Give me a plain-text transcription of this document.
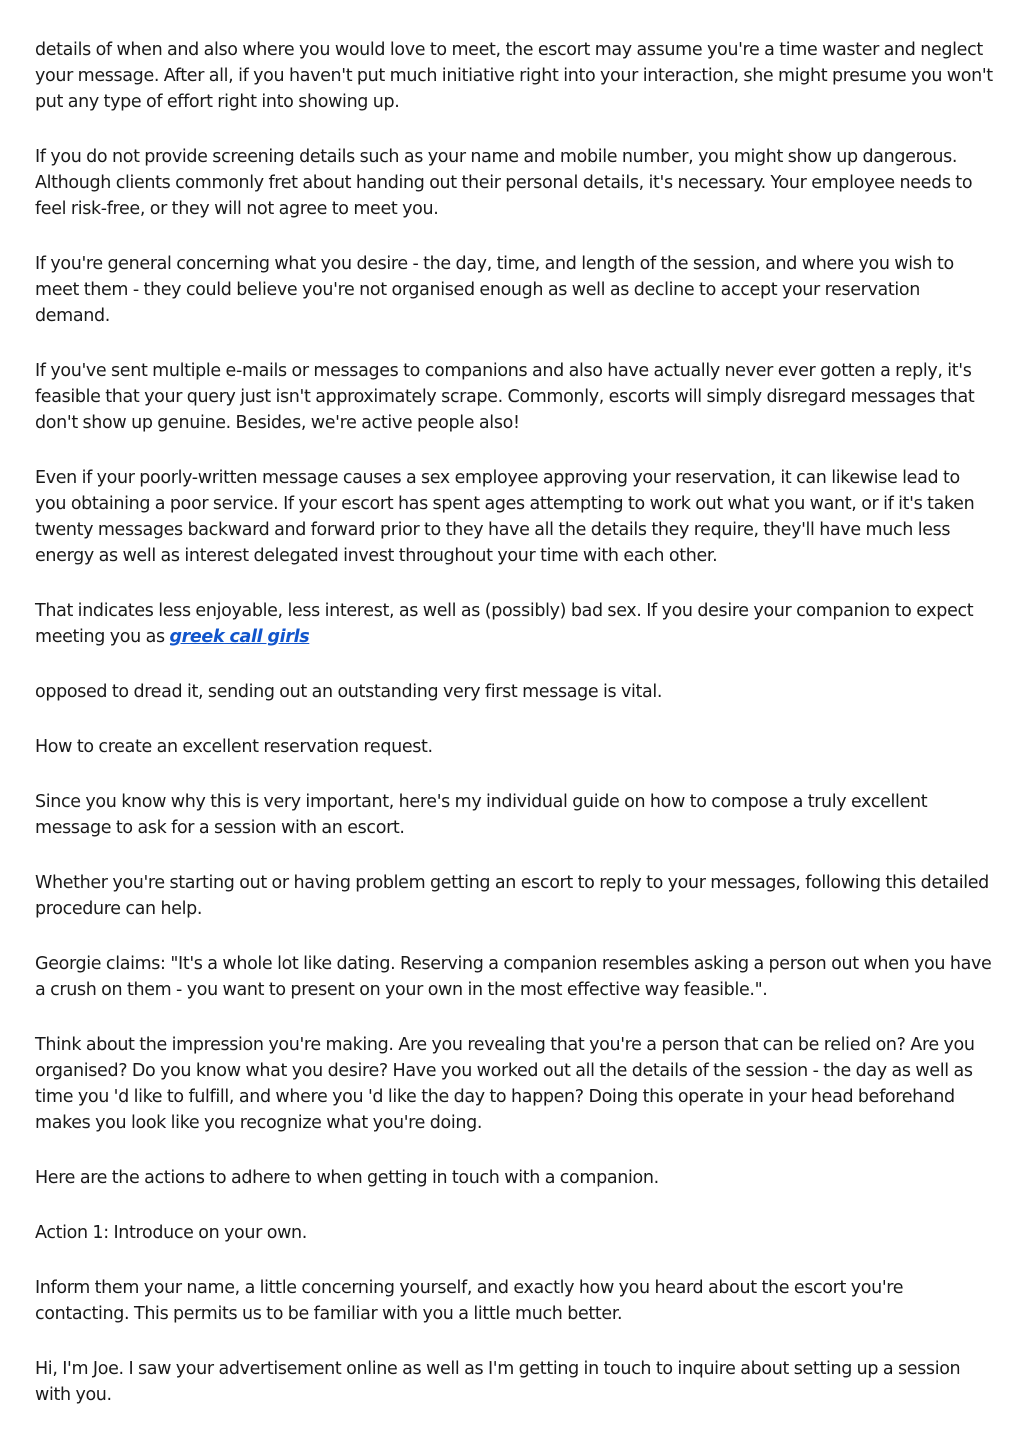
details of when and also where you would love to meet, the escort may assume you're a time waster and neglect your message. After all, if you haven't put much initiative right into your interaction, she might presume you won't put any type of effort right into showing up.

If you do not provide screening details such as your name and mobile number, you might show up dangerous. Although clients commonly fret about handing out their personal details, it's necessary. Your employee needs to feel risk-free, or they will not agree to meet you.

If you're general concerning what you desire - the day, time, and length of the session, and where you wish to meet them - they could believe you're not organised enough as well as decline to accept your reservation demand.

If you've sent multiple e-mails or messages to companions and also have actually never ever gotten a reply, it's feasible that your query just isn't approximately scrape. Commonly, escorts will simply disregard messages that don't show up genuine. Besides, we're active people also!

Even if your poorly-written message causes a sex employee approving your reservation, it can likewise lead to you obtaining a poor service. If your escort has spent ages attempting to work out what you want, or if it's taken twenty messages backward and forward prior to they have all the details they require, they'll have much less energy as well as interest delegated invest throughout your time with each other.

That indicates less enjoyable, less interest, as well as (possibly) bad sex. If you desire your companion to expect meeting you as greek call girls

opposed to dread it, sending out an outstanding very first message is vital.

How to create an excellent reservation request.

Since you know why this is very important, here's my individual guide on how to compose a truly excellent message to ask for a session with an escort.

Whether you're starting out or having problem getting an escort to reply to your messages, following this detailed procedure can help.

Georgie claims: "It's a whole lot like dating. Reserving a companion resembles asking a person out when you have a crush on them - you want to present on your own in the most effective way feasible.".

Think about the impression you're making. Are you revealing that you're a person that can be relied on? Are you organised? Do you know what you desire? Have you worked out all the details of the session - the day as well as time you 'd like to fulfill, and where you 'd like the day to happen? Doing this operate in your head beforehand makes you look like you recognize what you're doing.

Here are the actions to adhere to when getting in touch with a companion.

Action 1: Introduce on your own.

Inform them your name, a little concerning yourself, and exactly how you heard about the escort you're contacting. This permits us to be familiar with you a little much better.

Hi, I'm Joe. I saw your advertisement online as well as I'm getting in touch to inquire about setting up a session with you.
